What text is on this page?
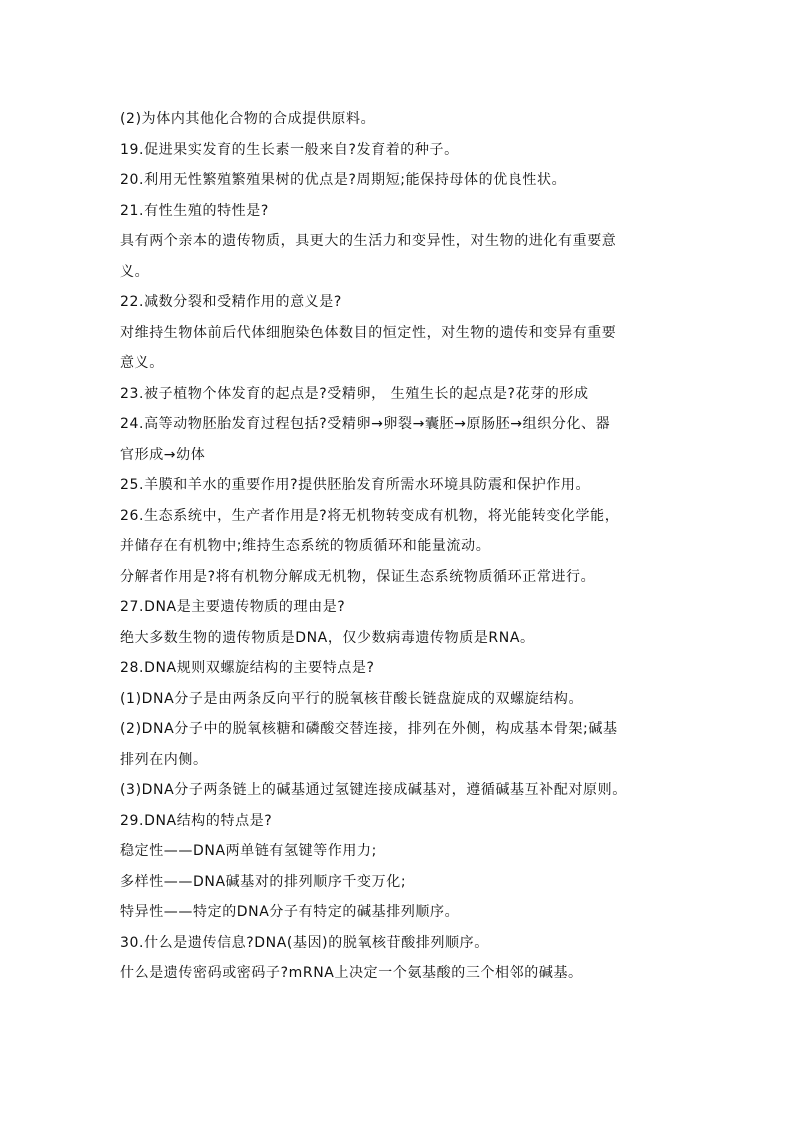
(2)为体内其他化合物的合成提供原料。
19.促进果实发育的生长素一般来自?发育着的种子。
20.利用无性繁殖繁殖果树的优点是?周期短;能保持母体的优良性状。
21.有性生殖的特性是?
具有两个亲本的遗传物质，具更大的生活力和变异性，对生物的进化有重要意
义。
22.减数分裂和受精作用的意义是?
对维持生物体前后代体细胞染色体数目的恒定性，对生物的遗传和变异有重要
意义。
23.被子植物个体发育的起点是?受精卵， 生殖生长的起点是?花芽的形成
24.高等动物胚胎发育过程包括?受精卵→卵裂→囊胚→原肠胚→组织分化、器
官形成→幼体
25.羊膜和羊水的重要作用?提供胚胎发育所需水环境具防震和保护作用。
26.生态系统中，生产者作用是?将无机物转变成有机物，将光能转变化学能，
并储存在有机物中;维持生态系统的物质循环和能量流动。
分解者作用是?将有机物分解成无机物，保证生态系统物质循环正常进行。
27.DNA是主要遗传物质的理由是?
绝大多数生物的遗传物质是DNA，仅少数病毒遗传物质是RNA。
28.DNA规则双螺旋结构的主要特点是?
(1)DNA分子是由两条反向平行的脱氧核苷酸长链盘旋成的双螺旋结构。
(2)DNA分子中的脱氧核糖和磷酸交替连接，排列在外侧，构成基本骨架;碱基
排列在内侧。
(3)DNA分子两条链上的碱基通过氢键连接成碱基对，遵循碱基互补配对原则。
29.DNA结构的特点是?
稳定性——DNA两单链有氢键等作用力;
多样性——DNA碱基对的排列顺序千变万化;
特异性——特定的DNA分子有特定的碱基排列顺序。
30.什么是遗传信息?DNA(基因)的脱氧核苷酸排列顺序。
什么是遗传密码或密码子?mRNA上决定一个氨基酸的三个相邻的碱基。
